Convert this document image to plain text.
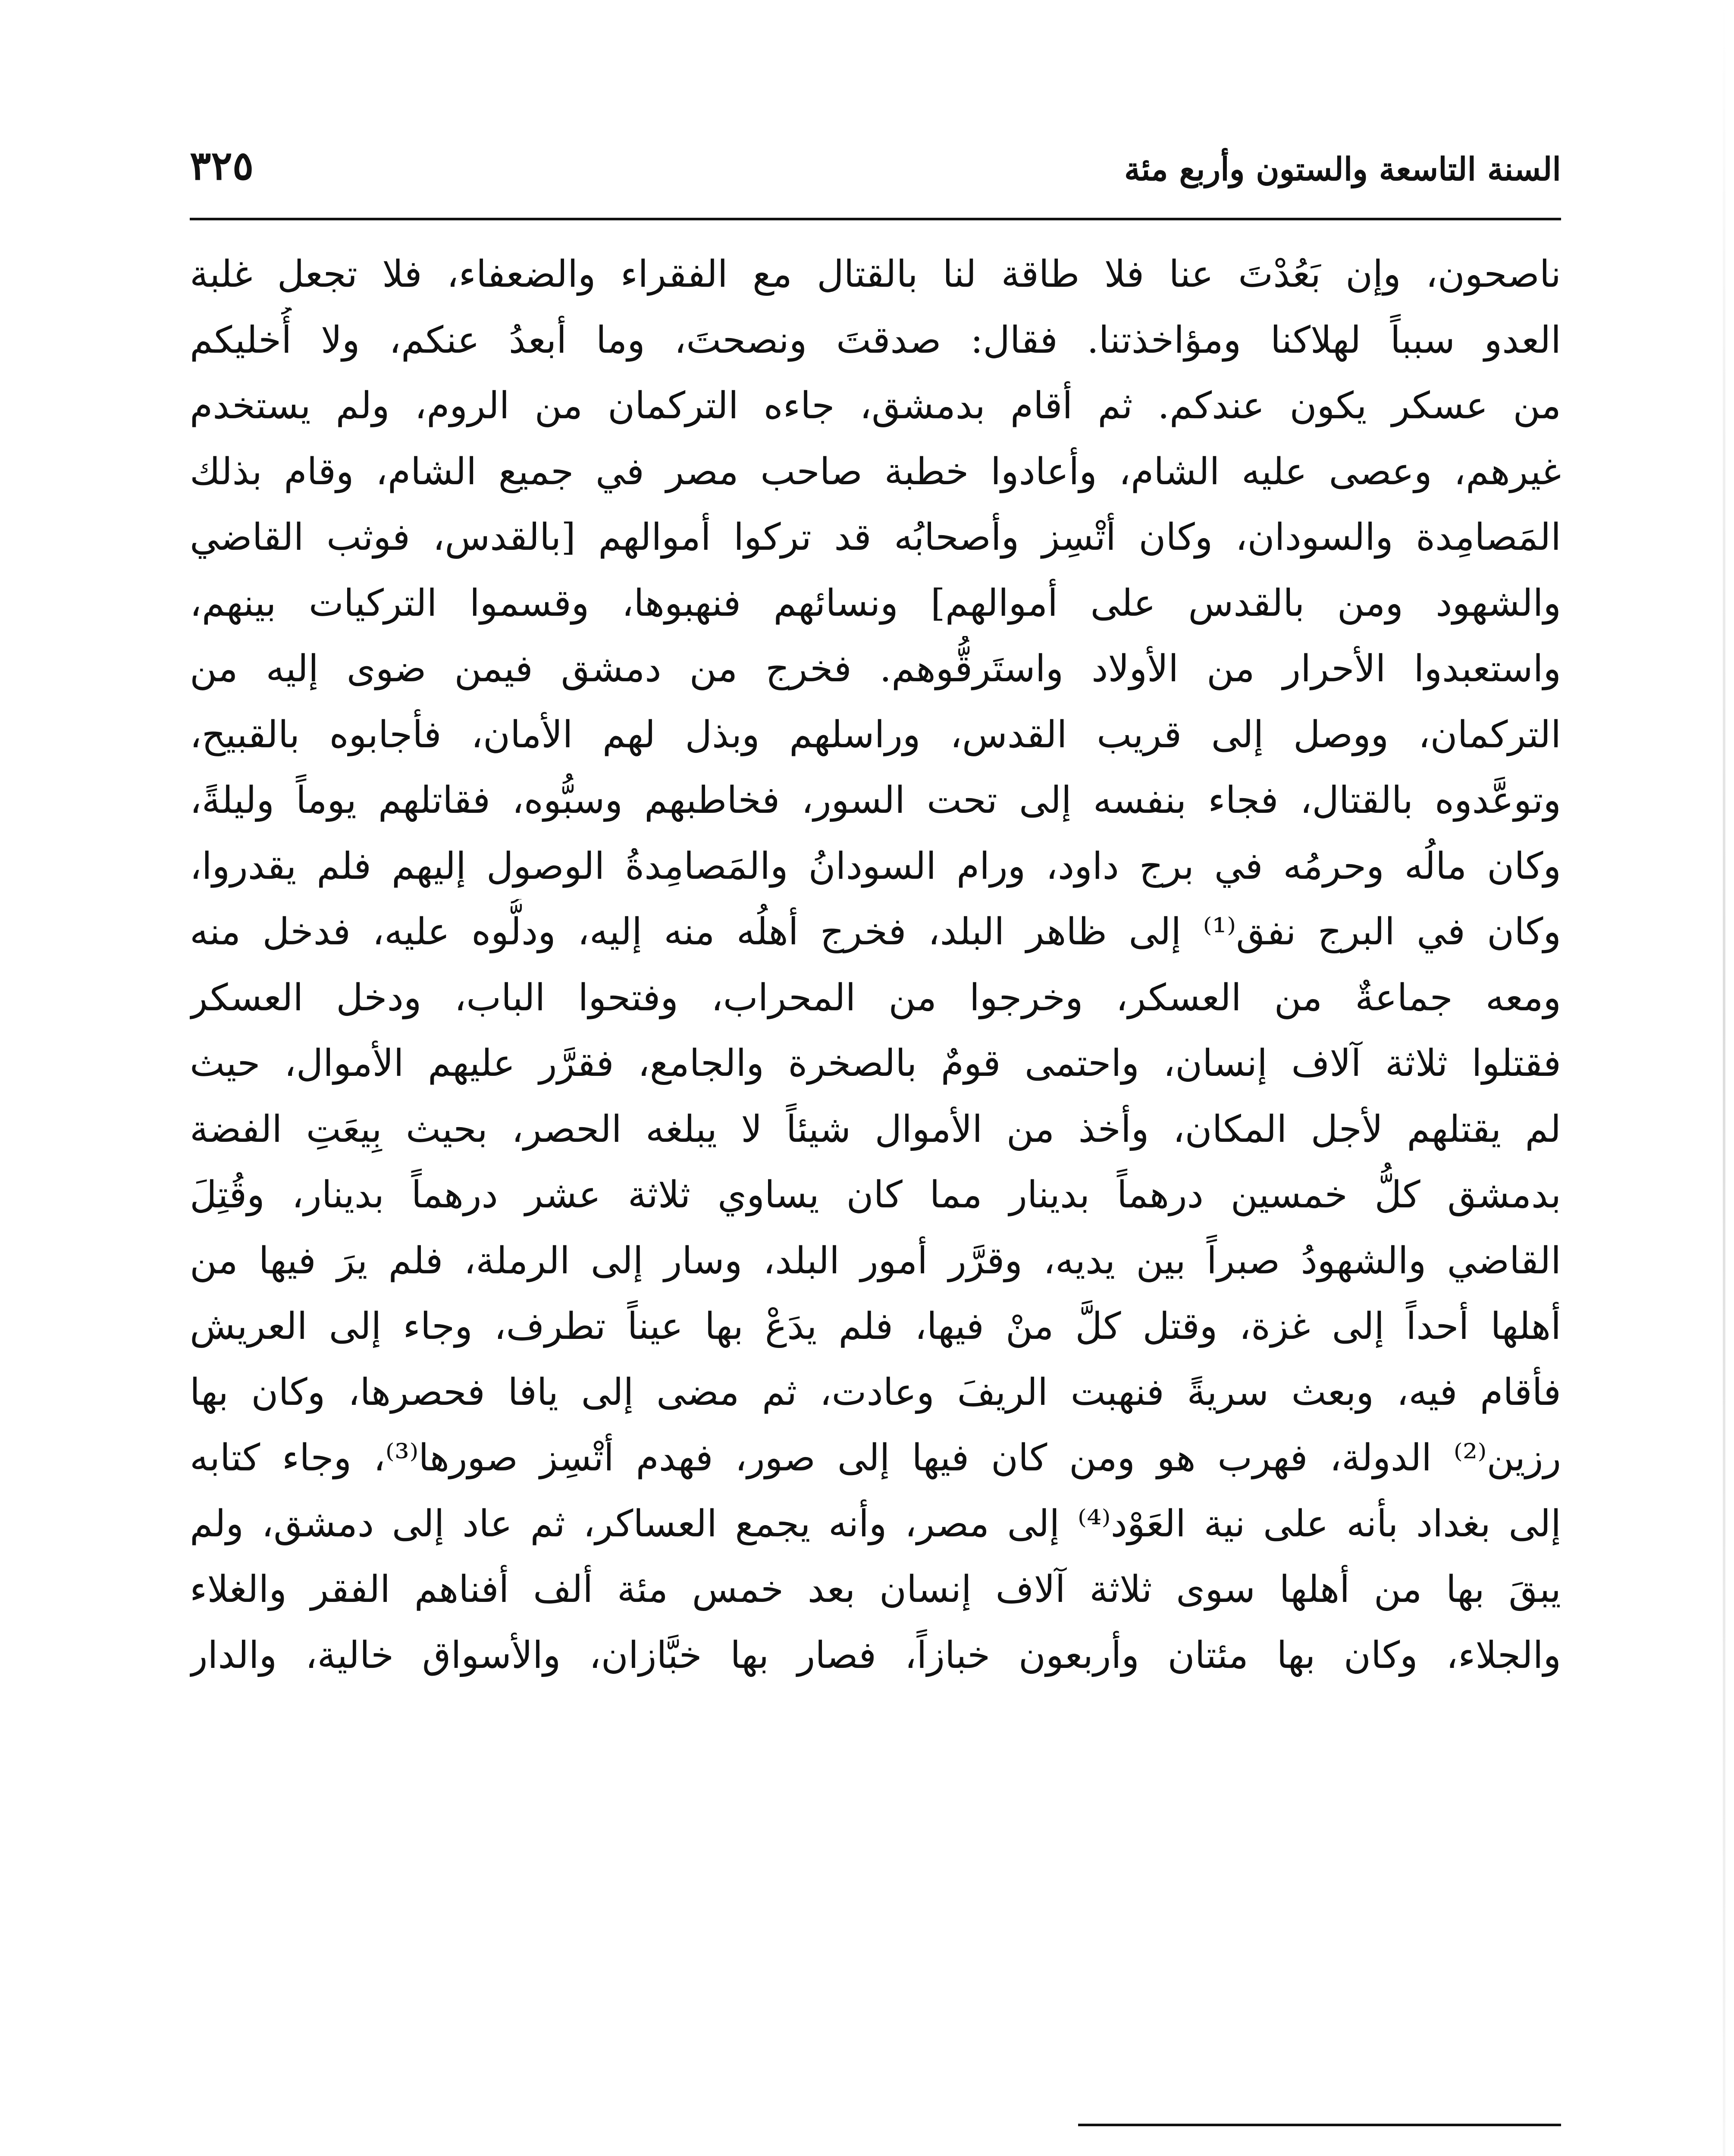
السنة التاسعة والستون وأربع مئة
٣٢٥
ناصحون، وإن بَعُدْتَ عنا فلا طاقة لنا بالقتال مع الفقراء والضعفاء، فلا تجعل غلبة
العدو سبباً لهلاكنا ومؤاخذتنا. فقال: صدقتَ ونصحتَ، وما أبعدُ عنكم، ولا أُخليكم
من عسكر يكون عندكم. ثم أقام بدمشق، جاءه التركمان من الروم، ولم يستخدم
غيرهم، وعصى عليه الشام، وأعادوا خطبة صاحب مصر في جميع الشام، وقام بذلك
المَصامِدة والسودان، وكان أتْسِز وأصحابُه قد تركوا أموالهم [بالقدس، فوثب القاضي
والشهود ومن بالقدس على أموالهم] ونسائهم فنهبوها، وقسموا التركيات بينهم،
واستعبدوا الأحرار من الأولاد واستَرقُّوهم. فخرج من دمشق فيمن ضوى إليه من
التركمان، ووصل إلى قريب القدس، وراسلهم وبذل لهم الأمان، فأجابوه بالقبيح،
وتوعَّدوه بالقتال، فجاء بنفسه إلى تحت السور، فخاطبهم وسبُّوه، فقاتلهم يوماً وليلةً،
وكان مالُه وحرمُه في برج داود، ورام السودانُ والمَصامِدةُ الوصول إليهم فلم يقدروا،
وكان في البرج نفق⁽¹⁾ إلى ظاهر البلد، فخرج أهلُه منه إليه، ودلُّوه عليه، فدخل منه
ومعه جماعةٌ من العسكر، وخرجوا من المحراب، وفتحوا الباب، ودخل العسكر
فقتلوا ثلاثة آلاف إنسان، واحتمى قومٌ بالصخرة والجامع، فقرَّر عليهم الأموال، حيث
لم يقتلهم لأجل المكان، وأخذ من الأموال شيئاً لا يبلغه الحصر، بحيث بِيعَتِ الفضة
بدمشق كلُّ خمسين درهماً بدينار مما كان يساوي ثلاثة عشر درهماً بدينار، وقُتِلَ
القاضي والشهودُ صبراً بين يديه، وقرَّر أمور البلد، وسار إلى الرملة، فلم يرَ فيها من
أهلها أحداً إلى غزة، وقتل كلَّ منْ فيها، فلم يدَعْ بها عيناً تطرف، وجاء إلى العريش
فأقام فيه، وبعث سريةً فنهبت الريفَ وعادت، ثم مضى إلى يافا فحصرها، وكان بها
رزين⁽²⁾ الدولة، فهرب هو ومن كان فيها إلى صور، فهدم أتْسِز صورها⁽³⁾، وجاء كتابه
إلى بغداد بأنه على نية العَوْد⁽⁴⁾ إلى مصر، وأنه يجمع العساكر، ثم عاد إلى دمشق، ولم
يبقَ بها من أهلها سوى ثلاثة آلاف إنسان بعد خمس مئة ألف أفناهم الفقر والغلاء
والجلاء، وكان بها مئتان وأربعون خبازاً، فصار بها خبَّازان، والأسواق خالية، والدار
